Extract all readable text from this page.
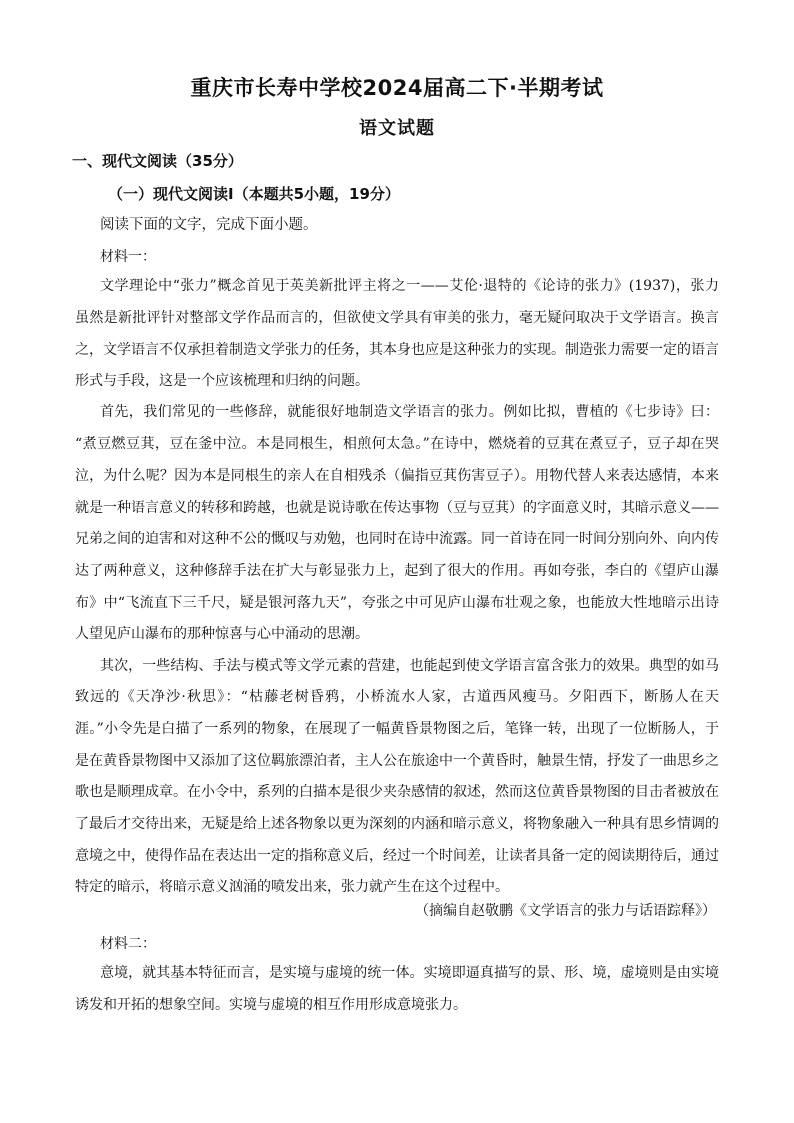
重庆市长寿中学校2024届高二下·半期考试
语文试题
一、现代文阅读（35分）
（一）现代文阅读Ⅰ（本题共5小题，19分）
阅读下面的文字，完成下面小题。
材料一：
文学理论中“张力”概念首见于英美新批评主将之一——艾伦·退特的《论诗的张力》(1937)，张力
虽然是新批评针对整部文学作品而言的，但欲使文学具有审美的张力，毫无疑问取决于文学语言。换言
之，文学语言不仅承担着制造文学张力的任务，其本身也应是这种张力的实现。制造张力需要一定的语言
形式与手段，这是一个应该梳理和归纳的问题。
首先，我们常见的一些修辞，就能很好地制造文学语言的张力。例如比拟，曹植的《七步诗》曰：
“煮豆燃豆萁，豆在釜中泣。本是同根生，相煎何太急。”在诗中，燃烧着的豆萁在煮豆子，豆子却在哭
泣，为什么呢？因为本是同根生的亲人在自相残杀（偏指豆萁伤害豆子）。用物代替人来表达感情，本来
就是一种语言意义的转移和跨越，也就是说诗歌在传达事物（豆与豆萁）的字面意义时，其暗示意义——
兄弟之间的迫害和对这种不公的慨叹与劝勉，也同时在诗中流露。同一首诗在同一时间分别向外、向内传
达了两种意义，这种修辞手法在扩大与彰显张力上，起到了很大的作用。再如夸张，李白的《望庐山瀑
布》中“飞流直下三千尺，疑是银河落九天”，夸张之中可见庐山瀑布壮观之象，也能放大性地暗示出诗
人望见庐山瀑布的那种惊喜与心中涌动的思潮。
其次，一些结构、手法与模式等文学元素的营建，也能起到使文学语言富含张力的效果。典型的如马
致远的《天净沙·秋思》：“枯藤老树昏鸦，小桥流水人家，古道西风瘦马。夕阳西下，断肠人在天
涯。”小令先是白描了一系列的物象，在展现了一幅黄昏景物图之后，笔锋一转，出现了一位断肠人，于
是在黄昏景物图中又添加了这位羁旅漂泊者，主人公在旅途中一个黄昏时，触景生情，抒发了一曲思乡之
歌也是顺理成章。在小令中，系列的白描本是很少夹杂感情的叙述，然而这位黄昏景物图的目击者被放在
了最后才交待出来，无疑是给上述各物象以更为深刻的内涵和暗示意义，将物象融入一种具有思乡情调的
意境之中，使得作品在表达出一定的指称意义后，经过一个时间差，让读者具备一定的阅读期待后，通过
特定的暗示，将暗示意义汹涌的喷发出来，张力就产生在这个过程中。
（摘编自赵敬鹏《文学语言的张力与话语踪释》）
材料二：
意境，就其基本特征而言，是实境与虚境的统一体。实境即逼真描写的景、形、境，虚境则是由实境
诱发和开拓的想象空间。实境与虚境的相互作用形成意境张力。
